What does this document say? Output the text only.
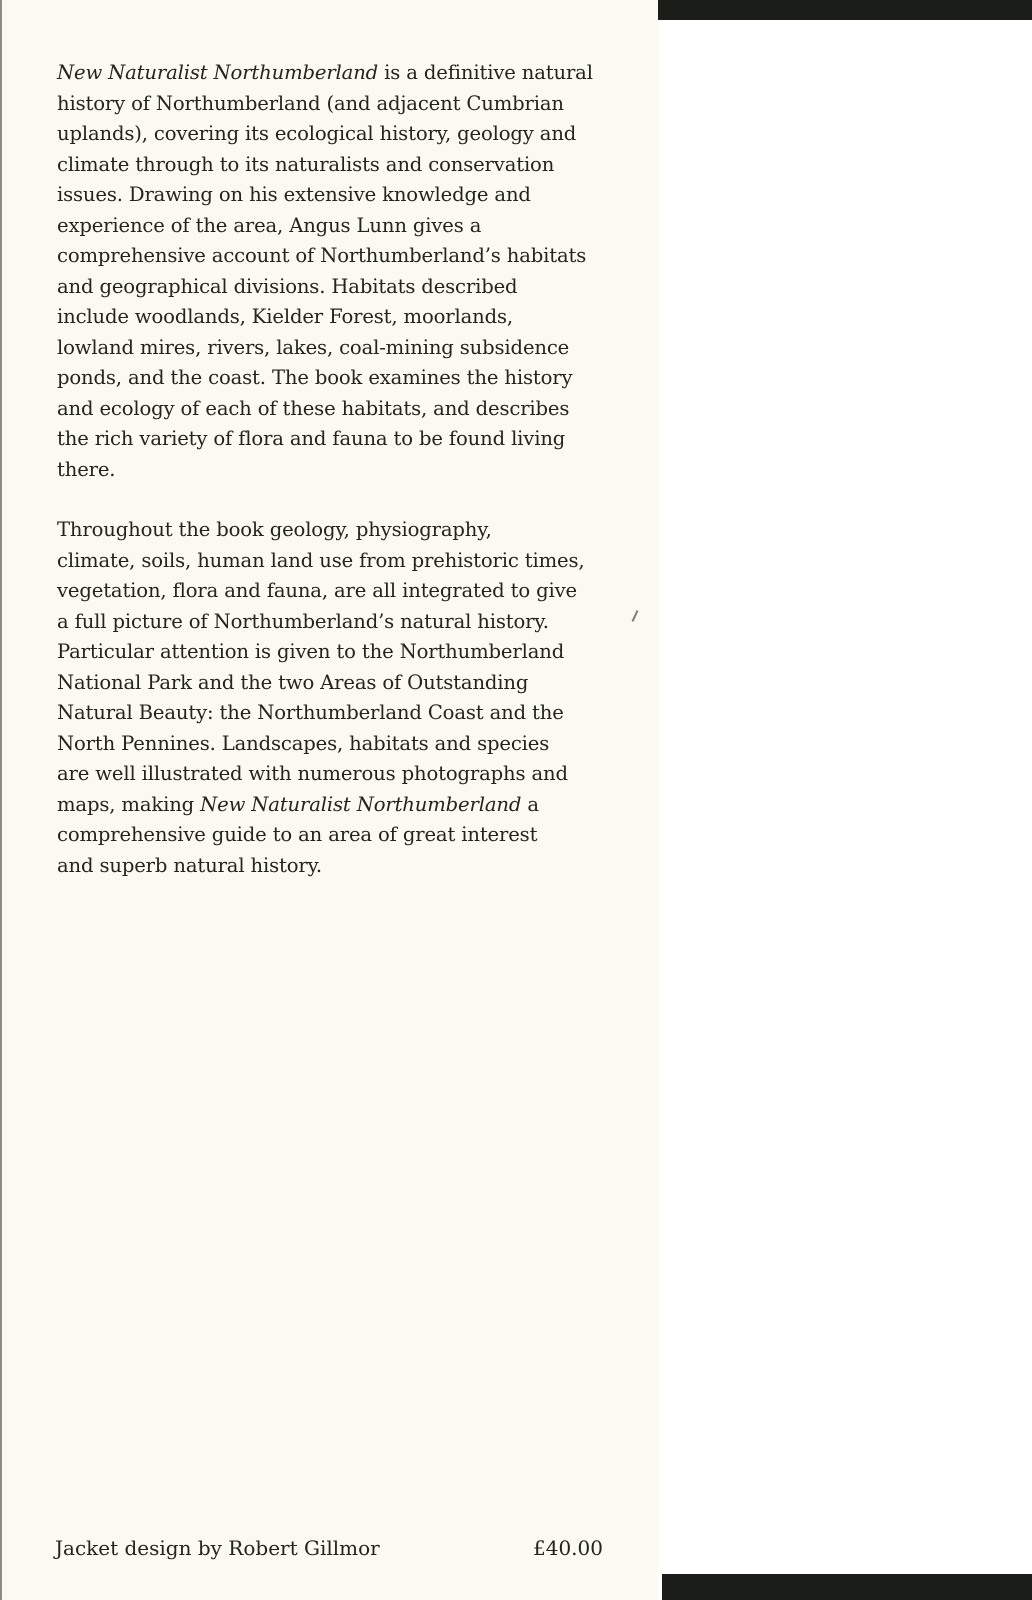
New Naturalist Northumberland is a definitive natural
history of Northumberland (and adjacent Cumbrian
uplands), covering its ecological history, geology and
climate through to its naturalists and conservation
issues. Drawing on his extensive knowledge and
experience of the area, Angus Lunn gives a
comprehensive account of Northumberland’s habitats
and geographical divisions. Habitats described
include woodlands, Kielder Forest, moorlands,
lowland mires, rivers, lakes, coal-mining subsidence
ponds, and the coast. The book examines the history
and ecology of each of these habitats, and describes
the rich variety of flora and fauna to be found living
there.

Throughout the book geology, physiography,
climate, soils, human land use from prehistoric times,
vegetation, flora and fauna, are all integrated to give
a full picture of Northumberland’s natural history.
Particular attention is given to the Northumberland
National Park and the two Areas of Outstanding
Natural Beauty: the Northumberland Coast and the
North Pennines. Landscapes, habitats and species
are well illustrated with numerous photographs and
maps, making New Naturalist Northumberland a
comprehensive guide to an area of great interest
and superb natural history.

Jacket design by Robert Gillmor	£40.00
